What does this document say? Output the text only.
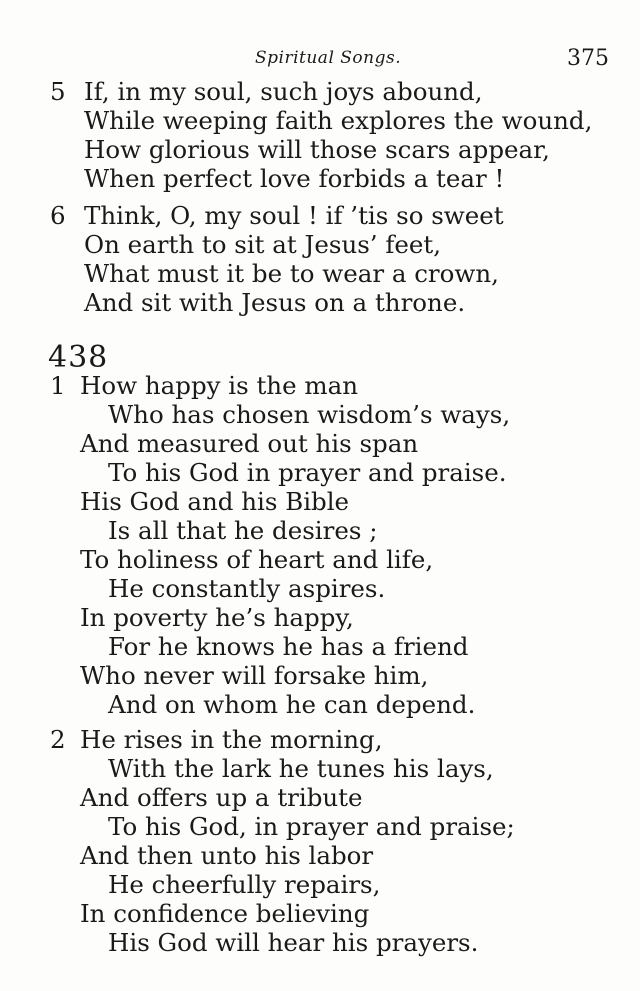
Spiritual Songs.	375
5 If, in my soul, such joys abound,
While weeping faith explores the wound,
How glorious will those scars appear,
When perfect love forbids a tear !
6 Think, O, my soul ! if ’tis so sweet
On earth to sit at Jesus’ feet,
What must it be to wear a crown,
And sit with Jesus on a throne.
438
1 How happy is the man
Who has chosen wisdom’s ways,
And measured out his span
To his God in prayer and praise.
His God and his Bible
Is all that he desires ;
To holiness of heart and life,
He constantly aspires.
In poverty he’s happy,
For he knows he has a friend
Who never will forsake him,
And on whom he can depend.
2 He rises in the morning,
With the lark he tunes his lays,
And offers up a tribute
To his God, in prayer and praise;
And then unto his labor
He cheerfully repairs,
In confidence believing
His God will hear his prayers.
